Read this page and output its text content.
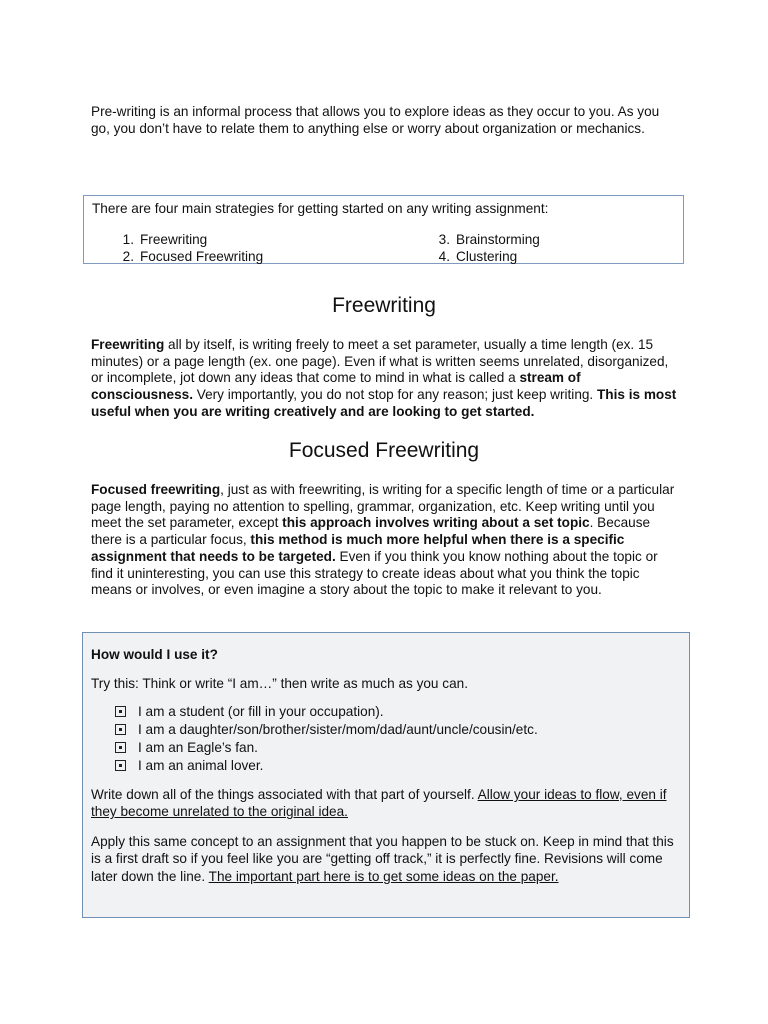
Pre-writing is an informal process that allows you to explore ideas as they occur to you. As you go, you don’t have to relate them to anything else or worry about organization or mechanics.

There are four main strategies for getting started on any writing assignment:

1. Freewriting
2. Focused Freewriting
3. Brainstorming
4. Clustering
Freewriting

Freewriting all by itself, is writing freely to meet a set parameter, usually a time length (ex. 15 minutes) or a page length (ex. one page). Even if what is written seems unrelated, disorganized, or incomplete, jot down any ideas that come to mind in what is called a stream of consciousness. Very importantly, you do not stop for any reason; just keep writing. This is most useful when you are writing creatively and are looking to get started.

Focused Freewriting

Focused freewriting, just as with freewriting, is writing for a specific length of time or a particular page length, paying no attention to spelling, grammar, organization, etc. Keep writing until you meet the set parameter, except this approach involves writing about a set topic. Because there is a particular focus, this method is much more helpful when there is a specific assignment that needs to be targeted. Even if you think you know nothing about the topic or find it uninteresting, you can use this strategy to create ideas about what you think the topic means or involves, or even imagine a story about the topic to make it relevant to you.

How would I use it?
Try this: Think or write “I am…” then write as much as you can.
I am a student (or fill in your occupation).
I am a daughter/son/brother/sister/mom/dad/aunt/uncle/cousin/etc.
I am an Eagle’s fan.
I am an animal lover.

Write down all of the things associated with that part of yourself. Allow your ideas to flow, even if they become unrelated to the original idea.

Apply this same concept to an assignment that you happen to be stuck on. Keep in mind that this is a first draft so if you feel like you are “getting off track,” it is perfectly fine. Revisions will come later down the line. The important part here is to get some ideas on the paper.
